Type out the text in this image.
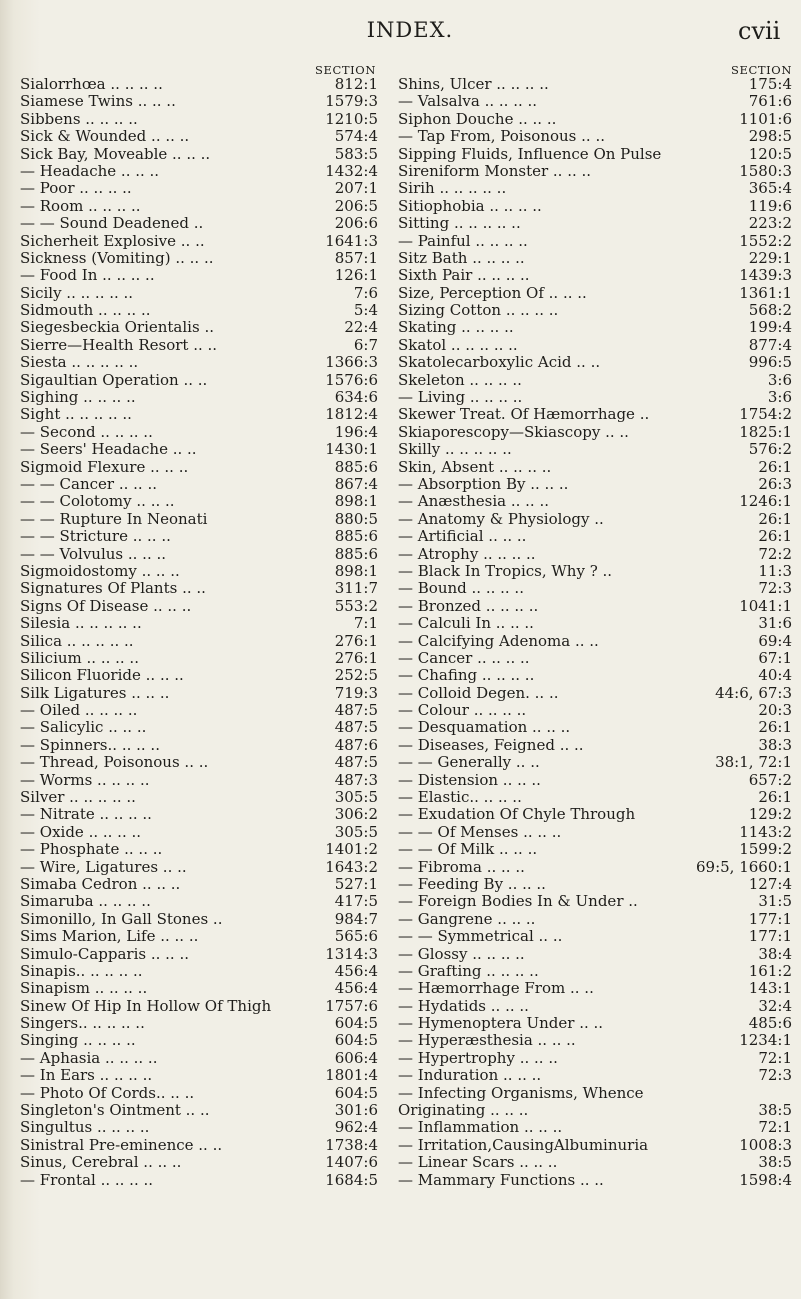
INDEX.	cvii
SECTION
Sialorrhœa .. .. .. ..	812:1
Siamese Twins .. .. ..	1579:3
Sibbens .. .. .. ..	1210:5
Sick & Wounded .. .. ..	574:4
Sick Bay, Moveable .. .. ..	583:5
— Headache .. .. ..	1432:4
— Poor .. .. .. ..	207:1
— Room .. .. .. ..	206:5
— — Sound Deadened ..	206:6
Sicherheit Explosive .. ..	1641:3
Sickness (Vomiting) .. .. ..	857:1
— Food In .. .. .. ..	126:1
Sicily .. .. .. .. ..	7:6
Sidmouth .. .. .. ..	5:4
Siegesbeckia Orientalis ..	22:4
Sierre—Health Resort .. ..	6:7
Siesta .. .. .. .. ..	1366:3
Sigaultian Operation .. ..	1576:6
Sighing .. .. .. ..	634:6
Sight .. .. .. .. ..	1812:4
— Second .. .. .. ..	196:4
— Seers' Headache .. ..	1430:1
Sigmoid Flexure .. .. ..	885:6
— — Cancer .. .. ..	867:4
— — Colotomy .. .. ..	898:1
— — Rupture In Neonati	880:5
— — Stricture .. .. ..	885:6
— — Volvulus .. .. ..	885:6
Sigmoidostomy .. .. ..	898:1
Signatures Of Plants .. ..	311:7
Signs Of Disease .. .. ..	553:2
Silesia .. .. .. .. ..	7:1
Silica .. .. .. .. ..	276:1
Silicium .. .. .. ..	276:1
Silicon Fluoride .. .. ..	252:5
Silk Ligatures .. .. ..	719:3
— Oiled .. .. .. ..	487:5
— Salicylic .. .. ..	487:5
— Spinners.. .. .. ..	487:6
— Thread, Poisonous .. ..	487:5
— Worms .. .. .. ..	487:3
Silver .. .. .. .. ..	305:5
— Nitrate .. .. .. ..	306:2
— Oxide .. .. .. ..	305:5
— Phosphate .. .. ..	1401:2
— Wire, Ligatures .. ..	1643:2
Simaba Cedron .. .. ..	527:1
Simaruba .. .. .. ..	417:5
Simonillo, In Gall Stones ..	984:7
Sims Marion, Life .. .. ..	565:6
Simulo-Capparis .. .. ..	1314:3
Sinapis.. .. .. .. ..	456:4
Sinapism .. .. .. ..	456:4
Sinew Of Hip In Hollow Of Thigh	1757:6
Singers.. .. .. .. ..	604:5
Singing .. .. .. ..	604:5
— Aphasia .. .. .. ..	606:4
— In Ears .. .. .. ..	1801:4
— Photo Of Cords.. .. ..	604:5
Singleton's Ointment .. ..	301:6
Singultus .. .. .. ..	962:4
Sinistral Pre-eminence .. ..	1738:4
Sinus, Cerebral .. .. ..	1407:6
— Frontal .. .. .. ..	1684:5
SECTION
Shins, Ulcer .. .. .. ..	175:4
— Valsalva .. .. .. ..	761:6
Siphon Douche .. .. ..	1101:6
— Tap From, Poisonous .. ..	298:5
Sipping Fluids, Influence On Pulse	120:5
Sireniform Monster .. .. ..	1580:3
Sirih .. .. .. .. ..	365:4
Sitiophobia .. .. .. ..	119:6
Sitting .. .. .. .. ..	223:2
— Painful .. .. .. ..	1552:2
Sitz Bath .. .. .. ..	229:1
Sixth Pair .. .. .. ..	1439:3
Size, Perception Of .. .. ..	1361:1
Sizing Cotton .. .. .. ..	568:2
Skating .. .. .. ..	199:4
Skatol .. .. .. .. ..	877:4
Skatolecarboxylic Acid .. ..	996:5
Skeleton .. .. .. ..	3:6
— Living .. .. .. ..	3:6
Skewer Treat. Of Hæmorrhage ..	1754:2
Skiaporescopy—Skiascopy .. ..	1825:1
Skilly .. .. .. .. ..	576:2
Skin, Absent .. .. .. ..	26:1
— Absorption By .. .. ..	26:3
— Anæsthesia .. .. ..	1246:1
— Anatomy & Physiology ..	26:1
— Artificial .. .. ..	26:1
— Atrophy .. .. .. ..	72:2
— Black In Tropics, Why ? ..	11:3
— Bound .. .. .. ..	72:3
— Bronzed .. .. .. ..	1041:1
— Calculi In .. .. ..	31:6
— Calcifying Adenoma .. ..	69:4
— Cancer .. .. .. ..	67:1
— Chafing .. .. .. ..	40:4
— Colloid Degen. .. ..	44:6, 67:3
— Colour .. .. .. ..	20:3
— Desquamation .. .. ..	26:1
— Diseases, Feigned .. ..	38:3
— — Generally .. ..	38:1, 72:1
— Distension .. .. ..	657:2
— Elastic.. .. .. ..	26:1
— Exudation Of Chyle Through	129:2
— — Of Menses .. .. ..	1143:2
— — Of Milk .. .. ..	1599:2
— Fibroma .. .. ..	69:5, 1660:1
— Feeding By .. .. ..	127:4
— Foreign Bodies In & Under ..	31:5
— Gangrene .. .. ..	177:1
— — Symmetrical .. ..	177:1
— Glossy .. .. .. ..	38:4
— Grafting .. .. .. ..	161:2
— Hæmorrhage From .. ..	143:1
— Hydatids .. .. ..	32:4
— Hymenoptera Under .. ..	485:6
— Hyperæsthesia .. .. ..	1234:1
— Hypertrophy .. .. ..	72:1
— Induration .. .. ..	72:3
— Infecting Organisms, Whence
Originating .. .. ..	38:5
— Inflammation .. .. ..	72:1
— Irritation,CausingAlbuminuria	1008:3
— Linear Scars .. .. ..	38:5
— Mammary Functions .. ..	1598:4
